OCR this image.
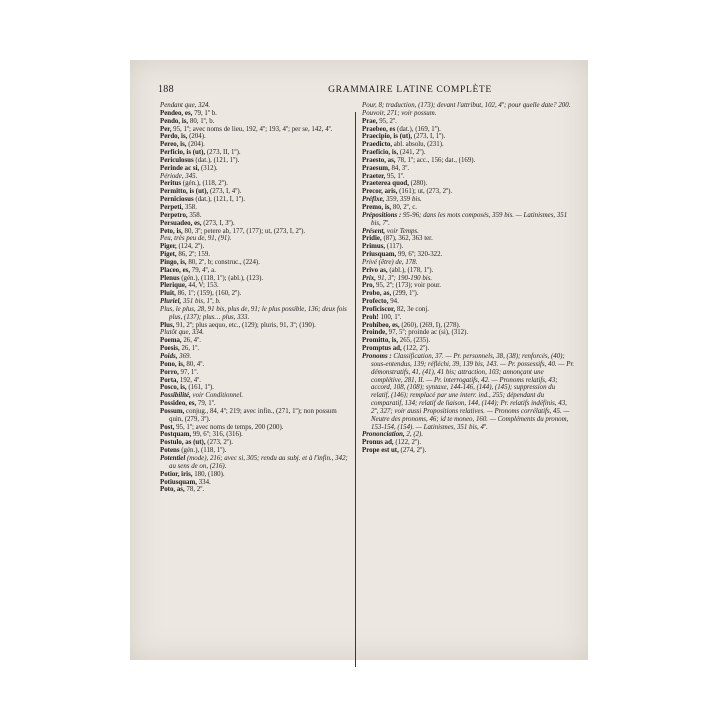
188	GRAMMAIRE LATINE COMPLÈTE

Pendant que, 324.

Pendeo, es, 79, 1º b.

Pendo, is, 80, 1º, b.

Per, 95, 1º; avec noms de lieu, 192, 4º; 193, 4º; per se, 142, 4º.

Perdo, is, (204).

Pereo, is, (204).

Perficio, is (ut), (273, II, 1º).

Periculosus (dat.), (121, 1º).

Perinde ac si, (312).

Période, 345.

Peritus (gén.), (118, 2º).

Permitto, is (ut), (273, I, 4º).

Perniciosus (dat.), (121, I, 1º).

Perpeti, 358.

Perpetro, 358.

Persuadeo, es, (273, I, 3º).

Peto, is, 80, 3º; petere ab, 177, (177); ut, (273, I, 2º).

Peu, très peu de, 91, (91).

Piger, (124, 2º).

Piget, 86, 2º; 159.

Pingo, is, 80, 2º, b; construc., (224).

Placeo, es, 79, 4º, a.

Plenus (gén.), (118, 1º); (abl.), (123).

Plerique, 44, V; 153.

Pluit, 86, 1º; (159), (160, 2º).

Pluriel, 351 bis, 1º, b.

Plus, le plus, 28, 91 bis, plus de, 91; le plus possible, 136; deux fois plus, (137); plus… plus, 333.

Plus, 91, 2º; plus aequo, etc., (129); pluris, 91, 3º; (190).

Plutôt que, 334.

Poema, 26, 4º.

Poesis, 26, 1º.

Poids, 369.

Pono, is, 80, 4º.

Porro, 97, 1º.

Porta, 192, 4º.

Posco, is, (161, 1º).

Possibilité, voir Conditionnel.

Possideo, es, 79, 1º.

Possum, conjug., 84, 4º; 219; avec infin., (271, 1º); non possum quin, (279, 3º).

Post, 95, 1º; avec noms de temps, 200 (200).

Postquam, 99, 6º; 316, (316).

Postulo, as (ut), (273, 2º).

Potens (gén.), (118, 1º).

Potentiel (mode), 216; avec si, 305; rendu au subj. et à l'infin., 342; au sens de on, (216).

Potior, iris, 180, (180).

Potiusquam, 334.

Poto, as, 78, 2º.

Pour, 8; traduction, (173); devant l'attribut, 102, 4º; pour quelle date? 200.

Pouvoir, 271; voir possum.

Prae, 95, 2º.

Praebeo, es (dat.), (169, 1º).

Praecipio, is (ut), (273, I, 1º).

Praedicto, abl. absolu, (231).

Praeficio, is, (241, 2º).

Praesto, as, 78, 1º; acc., 156; dat., (169).

Praesum, 84, 3º.

Praeter, 95, 1º.

Praeterea quod, (280).

Precor, aris, (161); ut, (273, 2º).

Préfixe, 359, 359 bis.

Premo, is, 80, 2º, c.

Prépositions : 95-96; dans les mots composés, 359 bis. — Latinismes, 351 bis, 7º.

Présent, voir Temps.

Pridie, (87), 362, 363 ter.

Primus, (117).

Priusquam, 99, 6º; 320-322.

Privé (être) de, 178.

Privo as, (abl.), (178, 1º).

Prix, 91, 3º; 190-190 bis.

Pro, 95, 2º; (173); voir pour.

Probo, as, (299, 1º).

Profecto, 94.

Proficiscor, 82, 3e conj.

Proh! 100, 1º.

Prohibeo, es, (260), (269, I), (278).

Proinde, 97, 5º; proinde ac (si), (312).

Promitto, is, 265, (235).

Promptus ad, (122, 2º).

Pronoms : Classification, 37. — Pr. personnels, 38, (38); renforcés, (40); sous-entendus, 139; réfléchi, 39, 139 bis, 143. — Pr. possessifs, 40. — Pr. démonstratifs, 41, (41), 41 bis; attraction, 103; annonçant une complétive, 281, II. — Pr. interrogatifs, 42. — Pronoms relatifs, 43; accord, 108, (108); syntaxe, 144-146, (144), (145); suppression du relatif, (146); remplacé par une interr. ind., 255; dépendant du comparatif, 134; relatif de liaison, 144, (144); Pr. relatifs indéfinis, 43, 2º, 327; voir aussi Propositions relatives. — Pronoms corrélatifs, 45. — Neutre des pronoms, 46; id te moneo, 160. — Compléments du pronom, 153-154, (154). — Latinismes, 351 bis, 4º.

Prononciation, 2, (2).

Pronus ad, (122, 2º).

Prope est ut, (274, 2º).
